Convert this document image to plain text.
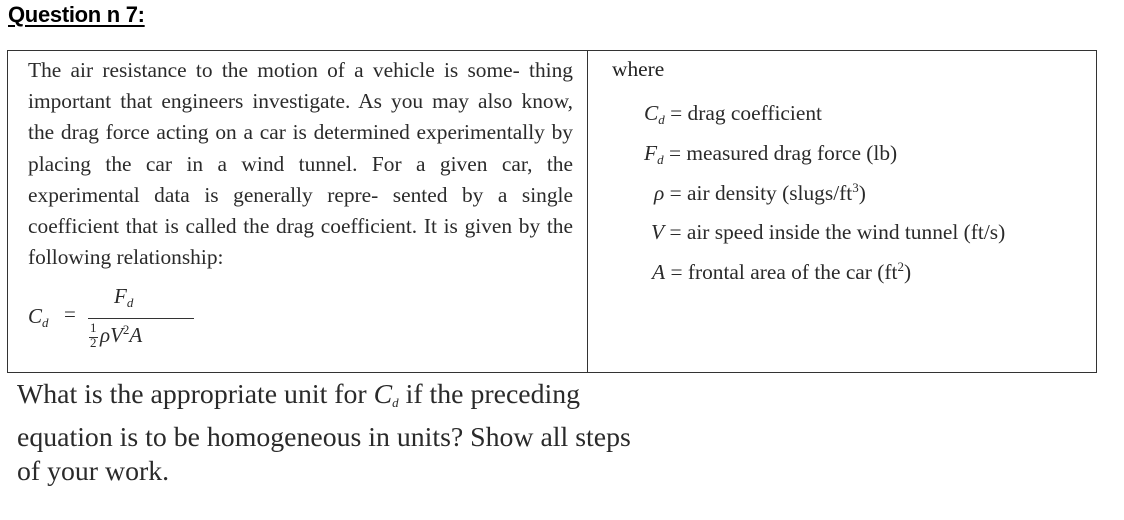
Question n 7:

The air resistance to the motion of a vehicle is some- thing important that engineers investigate. As you may also know, the drag force acting on a car is determined experimentally by placing the car in a wind tunnel. For a given car, the experimental data is generally repre- sented by a single coefficient that is called the drag coefficient. It is given by the following relationship:

$C_d$ =
$F_d$
$\frac{1}{2} \rho V^2A$
where
$C_d$ = drag coefficient
$F_d$ = measured drag force (lb)
ρ = air density $(slugs/ft^3)$
V = air speed inside the wind tunnel (ft/s)
A = frontal area of the car $(ft^2)$

What is the appropriate unit for $C_d$ if the preceding equation is to be homogeneous in units? Show all steps of your work.
